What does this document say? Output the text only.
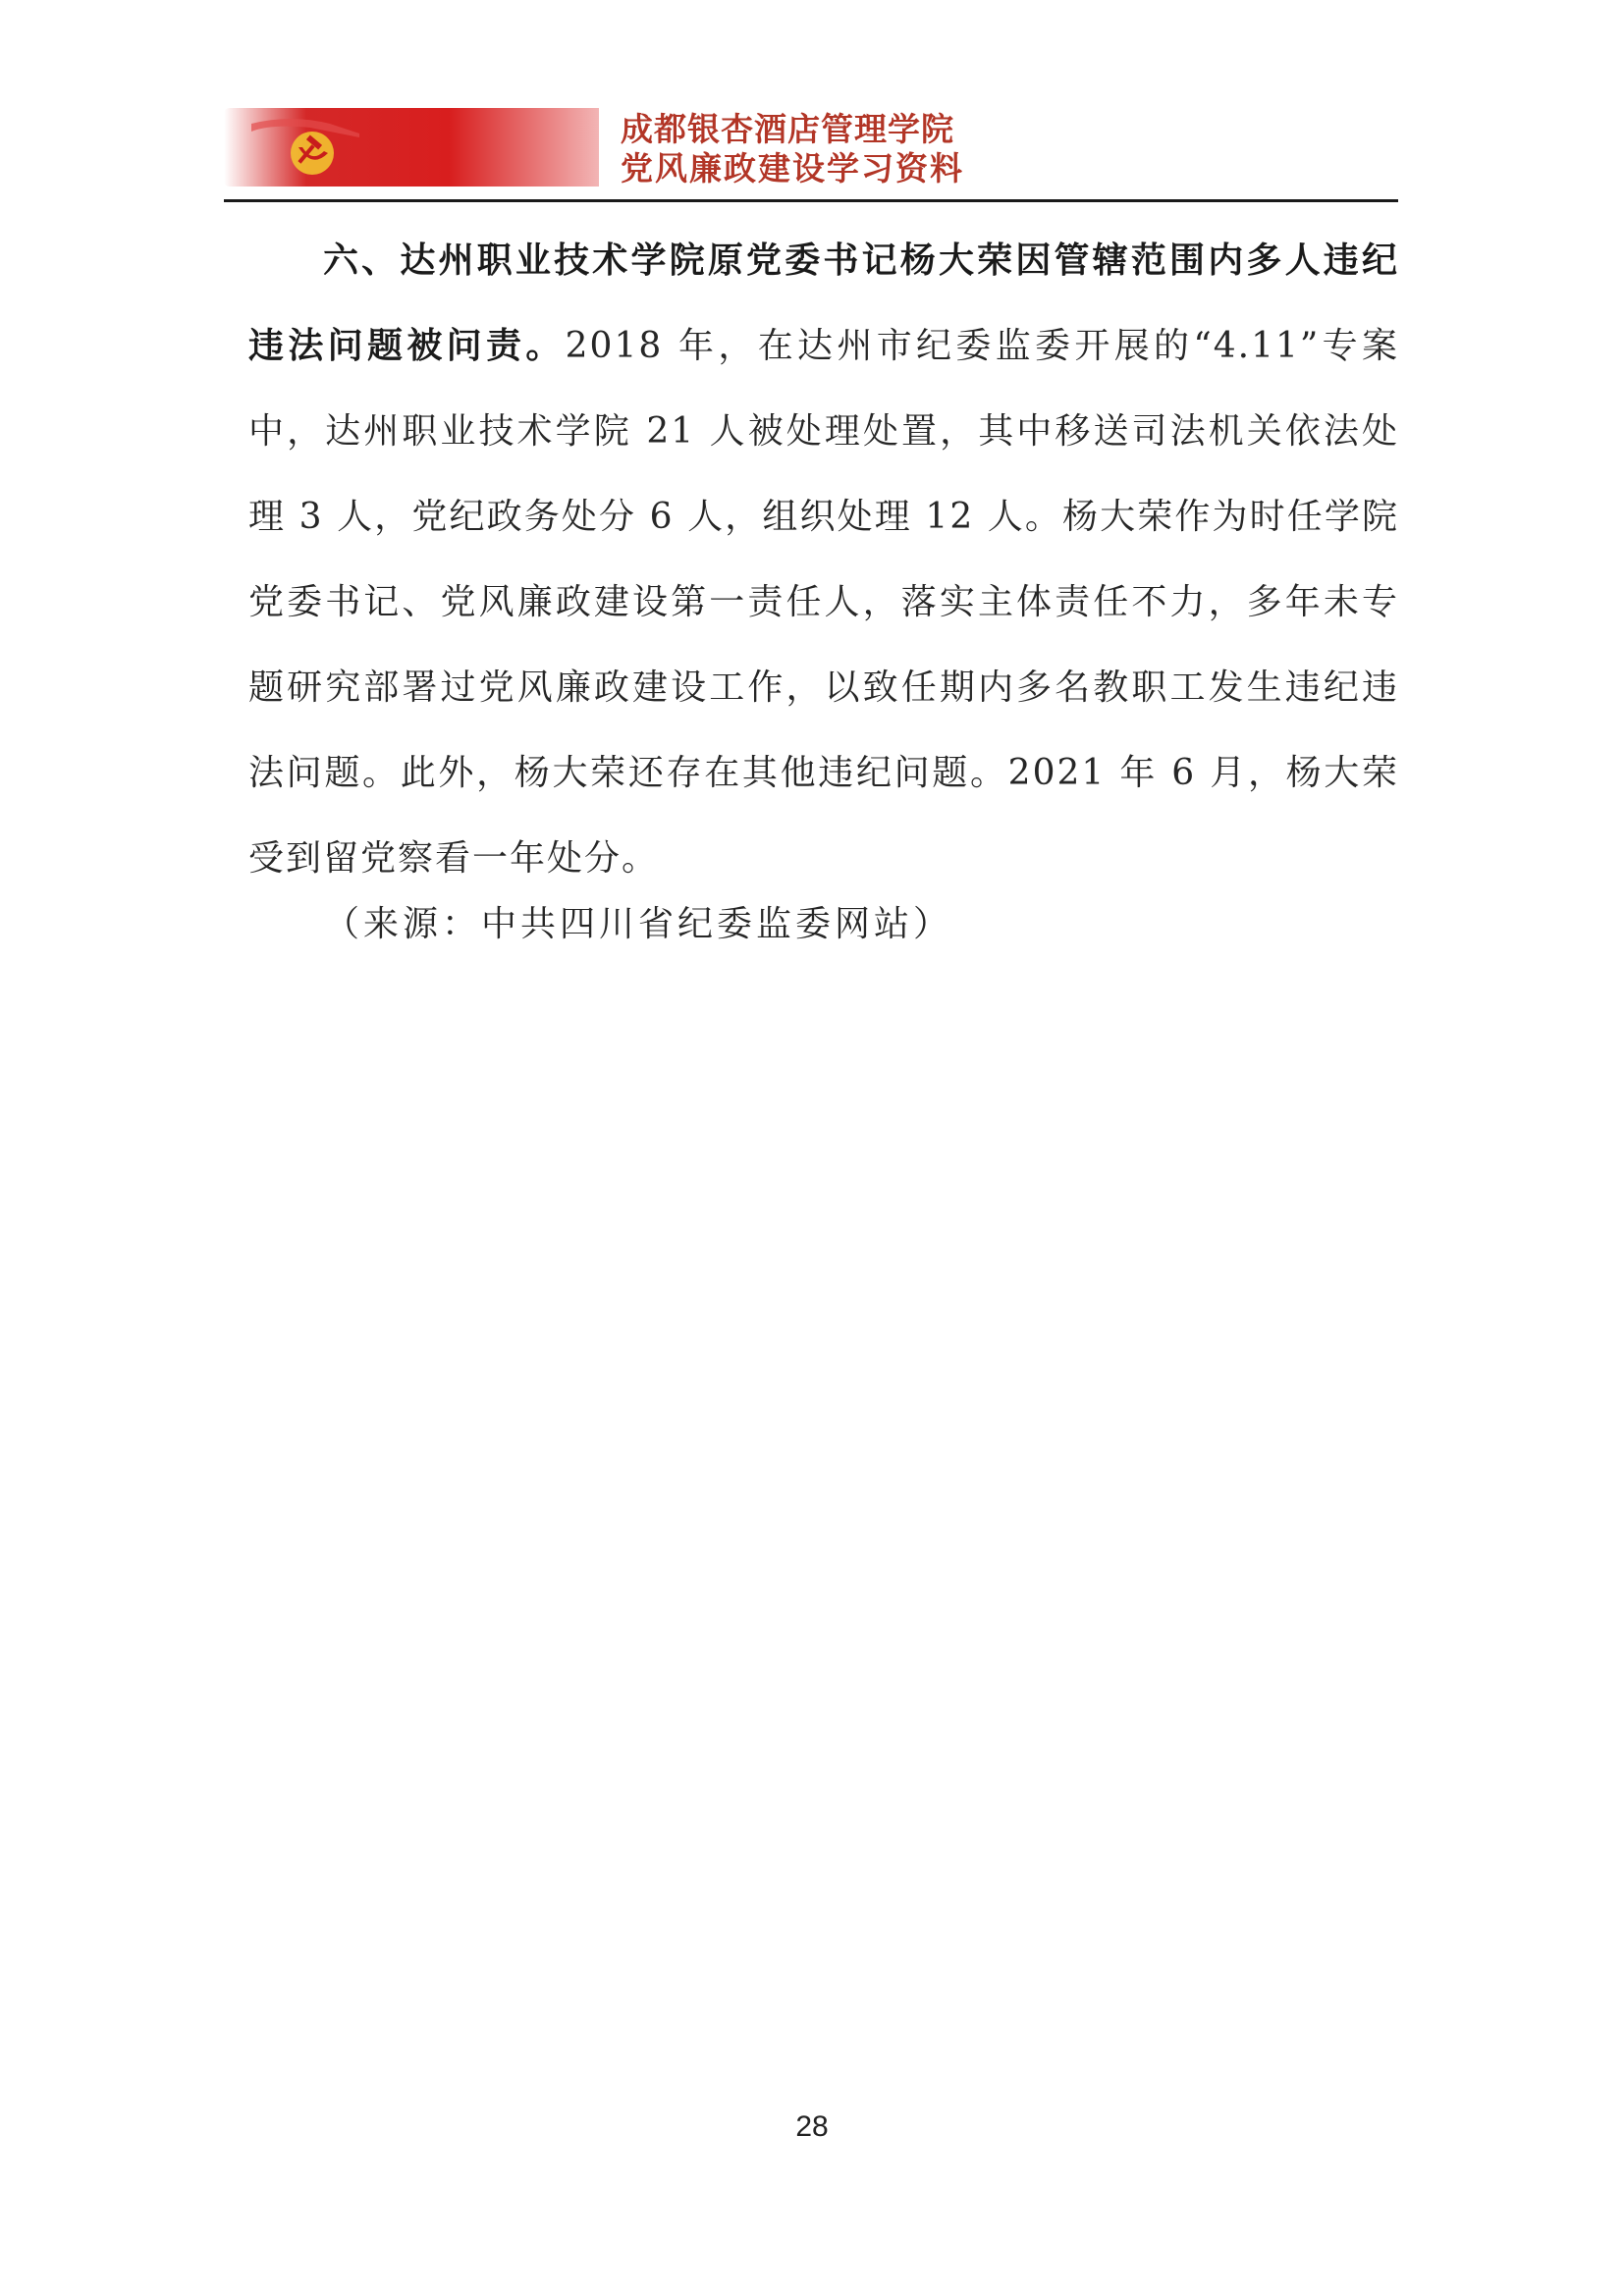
成都银杏酒店管理学院
党风廉政建设学习资料

六、达州职业技术学院原党委书记杨大荣因管辖范围内多人违纪违法问题被问责。2018 年，在达州市纪委监委开展的“4.11”专案中，达州职业技术学院 21 人被处理处置，其中移送司法机关依法处理 3 人，党纪政务处分 6 人，组织处理 12 人。杨大荣作为时任学院党委书记、党风廉政建设第一责任人，落实主体责任不力，多年未专题研究部署过党风廉政建设工作，以致任期内多名教职工发生违纪违法问题。此外，杨大荣还存在其他违纪问题。2021 年 6 月，杨大荣受到留党察看一年处分。

（来源：中共四川省纪委监委网站）
28
